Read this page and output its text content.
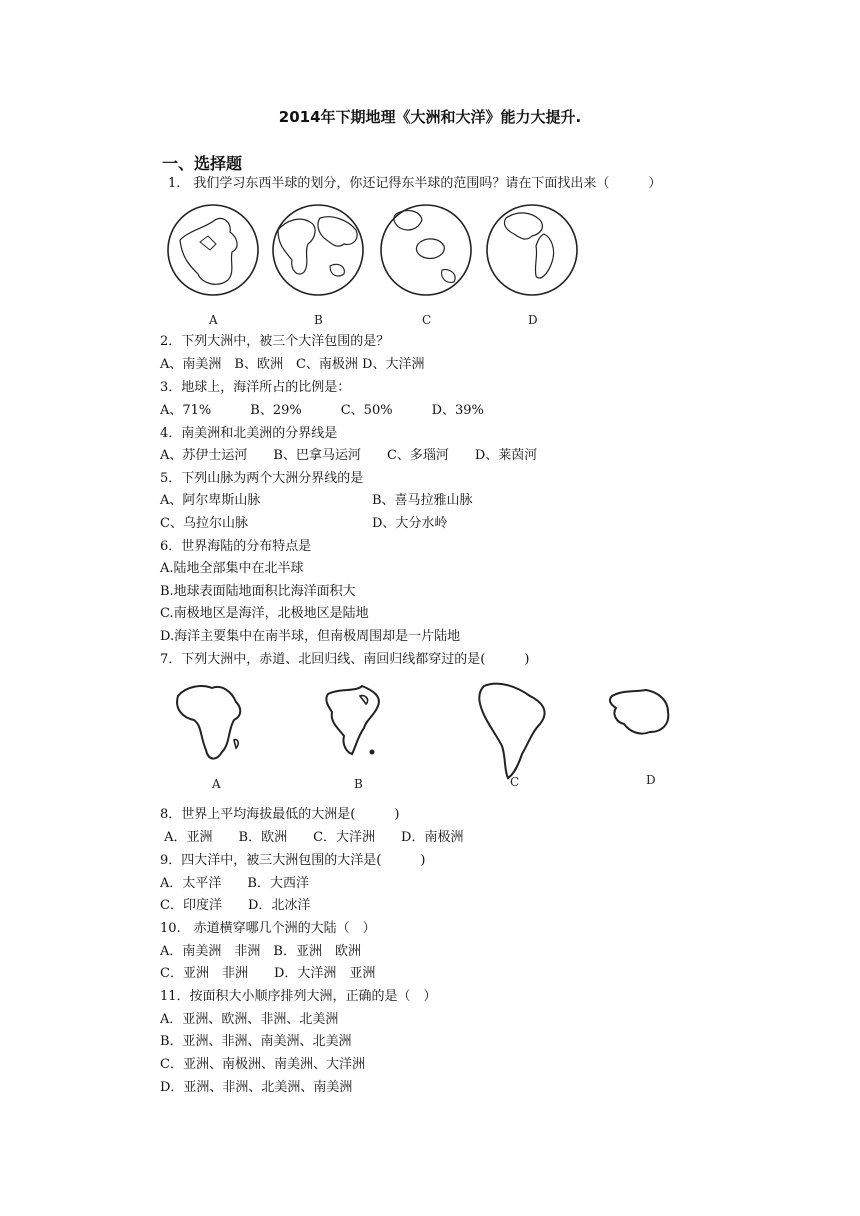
2014年下期地理《大洲和大洋》能力大提升.
一、选择题
1.　我们学习东西半球的划分，你还记得东半球的范围吗？请在下面找出来（　　　）
A	B	C	D
2．下列大洲中，被三个大洋包围的是？
A、南美洲　B、欧洲　C、南极洲 D、大洋洲
3．地球上，海洋所占的比例是：
A、71%　　　B、29%　　　C、50%　　　D、39%
4．南美洲和北美洲的分界线是
A、苏伊士运河　　B、巴拿马运河　　C、多瑙河　　D、莱茵河
5．下列山脉为两个大洲分界线的是
A、阿尔卑斯山脉	B、喜马拉雅山脉
C、乌拉尔山脉	D、大分水岭
6．世界海陆的分布特点是
A.陆地全部集中在北半球
B.地球表面陆地面积比海洋面积大
C.南极地区是海洋，北极地区是陆地
D.海洋主要集中在南半球，但南极周围却是一片陆地
7．下列大洲中，赤道、北回归线、南回归线都穿过的是(　　　)
A	B	C	D
8．世界上平均海拔最低的大洲是(　　　)
A．亚洲　　B．欧洲　　C．大洋洲　　D．南极洲
9．四大洋中，被三大洲包围的大洋是(　　　)
A．太平洋　　B．大西洋
C．印度洋　　D．北冰洋
10.　赤道横穿哪几个洲的大陆（　）
A．南美洲　非洲　B．亚洲　欧洲
C．亚洲　非洲　　D．大洋洲　亚洲
11．按面积大小顺序排列大洲，正确的是（　）
A．亚洲、欧洲、非洲、北美洲
B．亚洲、非洲、南美洲、北美洲
C．亚洲、南极洲、南美洲、大洋洲
D．亚洲、非洲、北美洲、南美洲
